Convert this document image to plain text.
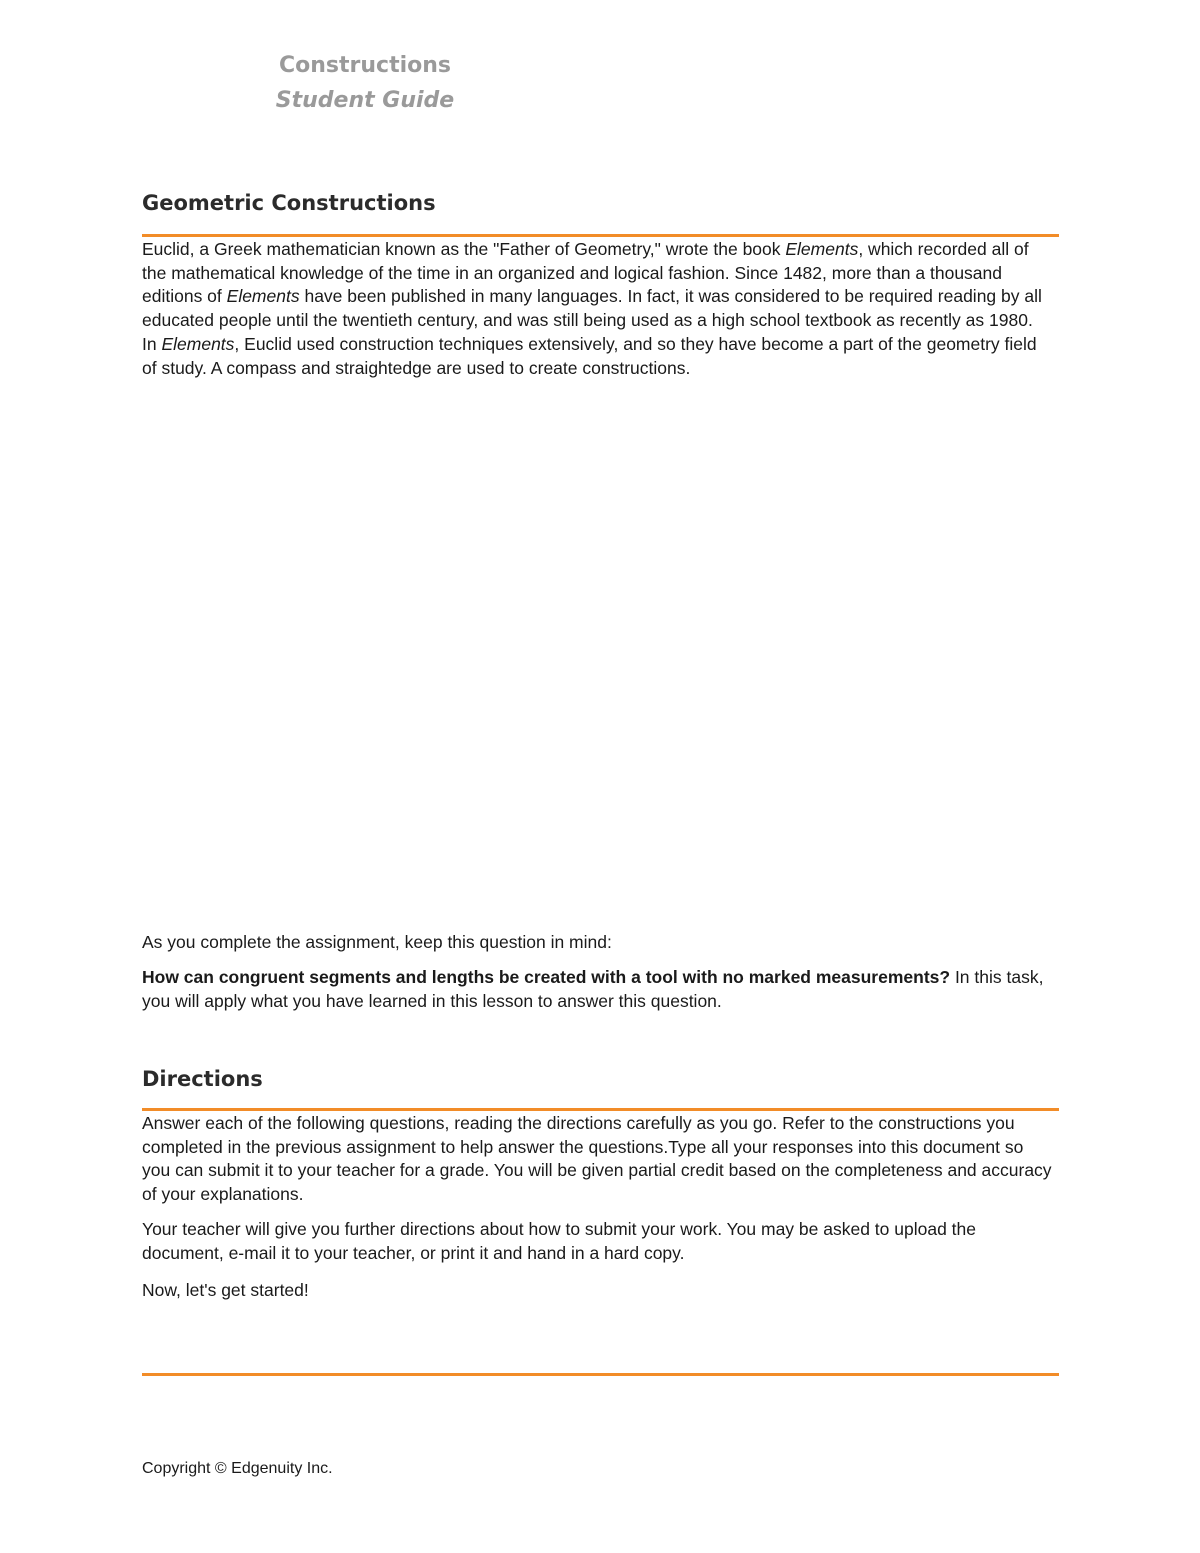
Constructions
Student Guide
Geometric Constructions

Euclid, a Greek mathematician known as the "Father of Geometry," wrote the book Elements, which recorded all of the mathematical knowledge of the time in an organized and logical fashion. Since 1482, more than a thousand editions of Elements have been published in many languages. In fact, it was considered to be required reading by all educated people until the twentieth century, and was still being used as a high school textbook as recently as 1980. In Elements, Euclid used construction techniques extensively, and so they have become a part of the geometry field of study. A compass and straightedge are used to create constructions.

As you complete the assignment, keep this question in mind:

How can congruent segments and lengths be created with a tool with no marked measurements? In this task, you will apply what you have learned in this lesson to answer this question.

Directions

Answer each of the following questions, reading the directions carefully as you go. Refer to the constructions you completed in the previous assignment to help answer the questions.Type all your responses into this document so you can submit it to your teacher for a grade. You will be given partial credit based on the completeness and accuracy of your explanations.

Your teacher will give you further directions about how to submit your work. You may be asked to upload the document, e-mail it to your teacher, or print it and hand in a hard copy.

Now, let's get started!

Copyright © Edgenuity Inc.
